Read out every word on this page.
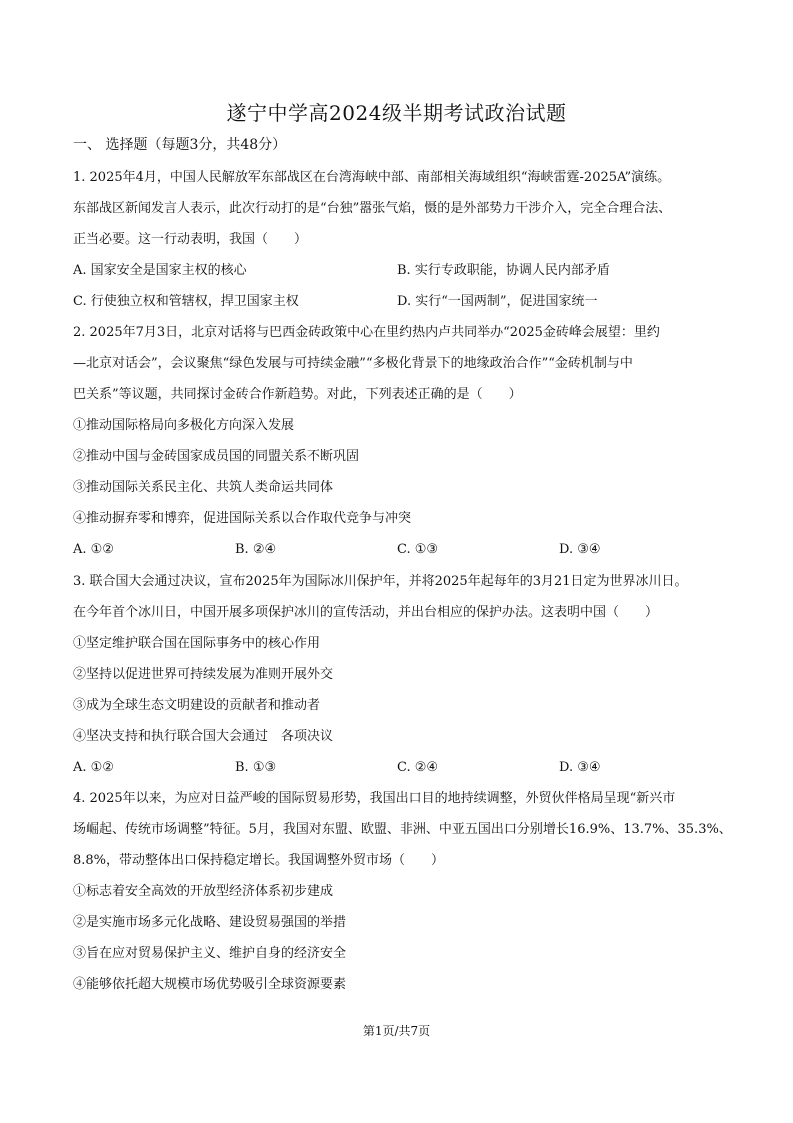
遂宁中学高2024级半期考试政治试题
一、 选择题（每题3分，共48分）
1. 2025年4月，中国人民解放军东部战区在台湾海峡中部、南部相关海域组织“海峡雷霆-2025A”演练。
东部战区新闻发言人表示，此次行动打的是“台独”嚣张气焰，慑的是外部势力干涉介入，完全合理合法、
正当必要。这一行动表明，我国（　　）
A. 国家安全是国家主权的核心	B. 实行专政职能，协调人民内部矛盾
C. 行使独立权和管辖权，捍卫国家主权	D. 实行“一国两制”，促进国家统一
2. 2025年7月3日，北京对话将与巴西金砖政策中心在里约热内卢共同举办“2025金砖峰会展望：里约
—北京对话会”，会议聚焦“绿色发展与可持续金融”“多极化背景下的地缘政治合作”“金砖机制与中
巴关系”等议题，共同探讨金砖合作新趋势。对此，下列表述正确的是（　　）
①推动国际格局向多极化方向深入发展
②推动中国与金砖国家成员国的同盟关系不断巩固
③推动国际关系民主化、共筑人类命运共同体
④推动摒弃零和博弈，促进国际关系以合作取代竞争与冲突
A. ①②	B. ②④	C. ①③	D. ③④
3. 联合国大会通过决议，宣布2025年为国际冰川保护年，并将2025年起每年的3月21日定为世界冰川日。
在今年首个冰川日，中国开展多项保护冰川的宣传活动，并出台相应的保护办法。这表明中国（　　）
①坚定维护联合国在国际事务中的核心作用
②坚持以促进世界可持续发展为准则开展外交
③成为全球生态文明建设的贡献者和推动者
④坚决支持和执行联合国大会通过　各项决议
A. ①②	B. ①③	C. ②④	D. ③④
4. 2025年以来，为应对日益严峻的国际贸易形势，我国出口目的地持续调整，外贸伙伴格局呈现“新兴市
场崛起、传统市场调整”特征。5月，我国对东盟、欧盟、非洲、中亚五国出口分别增长16.9%、13.7%、35.3%、
8.8%，带动整体出口保持稳定增长。我国调整外贸市场（　　）
①标志着安全高效的开放型经济体系初步建成
②是实施市场多元化战略、建设贸易强国的举措
③旨在应对贸易保护主义、维护自身的经济安全
④能够依托超大规模市场优势吸引全球资源要素
第1页/共7页
